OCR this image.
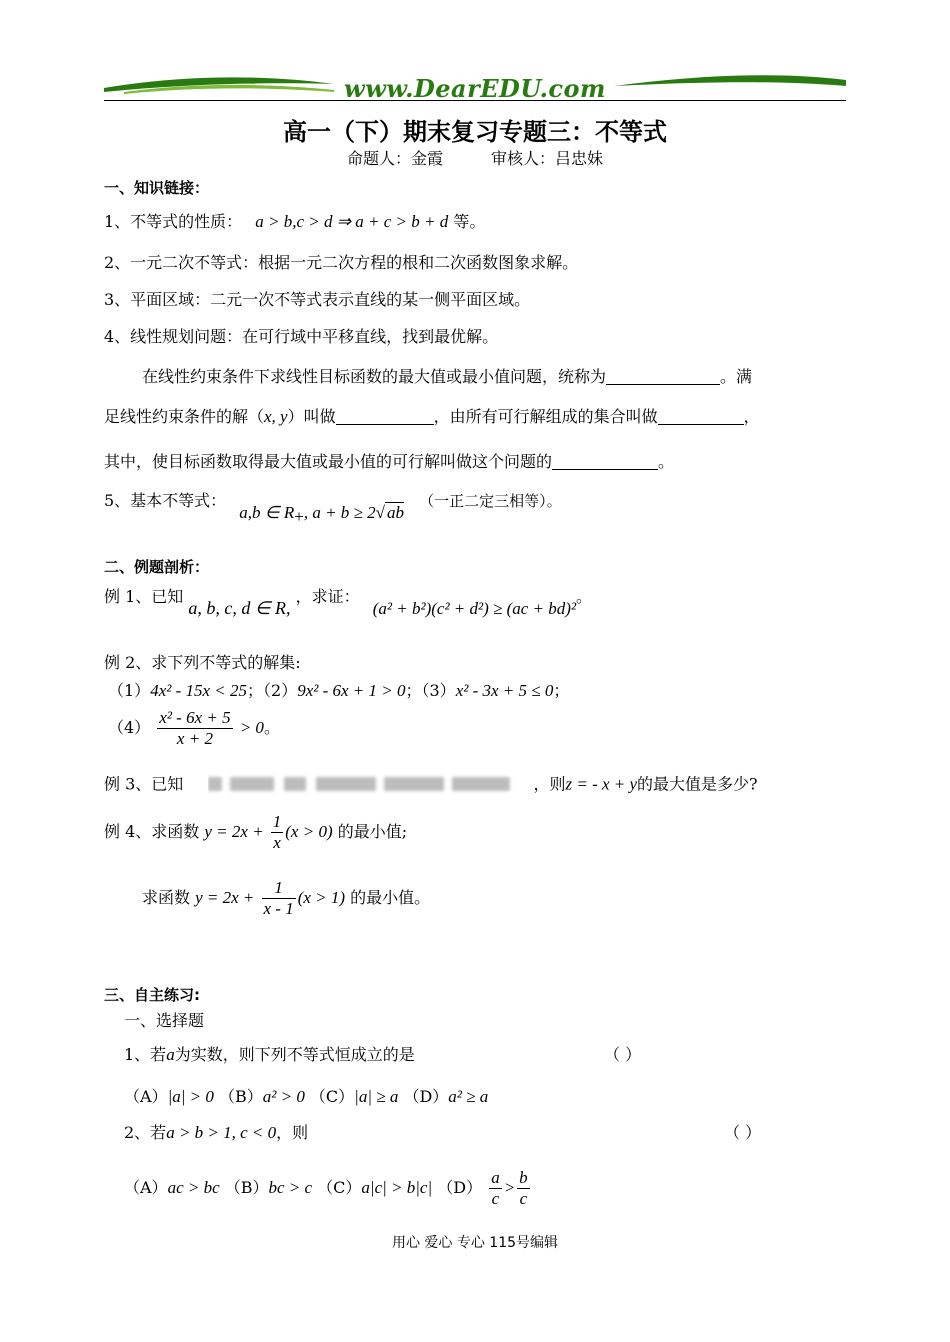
www.DearEDU.com
高一（下）期末复习专题三：不等式
命题人：金霞	审核人：吕忠妹
一、知识链接：
1、不等式的性质： a > b,c > d ⇒ a + c > b + d 等。
2、一元二次不等式：根据一元二次方程的根和二次函数图象求解。
3、平面区域：二元一次不等式表示直线的某一侧平面区域。
4、线性规划问题：在可行域中平移直线，找到最优解。
在线性约束条件下求线性目标函数的最大值或最小值问题，统称为	。满
足线性约束条件的解（x, y）叫做	，由所有可行解组成的集合叫做	，
其中，使目标函数取得最大值或最小值的可行解叫做这个问题的	。
5、基本不等式： a,b ∈ $R_+$, a + b ≥ 2√ ab （一正二定三相等）。
二、例题剖析：
例 1、已知 a, b, c, d ∈ R, ，求证： (a² + b²)(c² + d²) ≥ (ac + bd)²。
例 2、求下列不等式的解集:
（1）4x² - 15x < 25；（2）9x² - 6x + 1 > 0；（3）x² - 3x + 5 ≤ 0；
$(4) \frac{\text{x² - 6x + 5}}{x + 2} > 0$。
例 3、已知	，则z = - x + y的最大值是多少?
例 4、求函数 $y = 2x + \frac{1}{x} (x > 0)$ 的最小值;
求函数 $y = 2x + \frac{1}{x - 1} (x > 1)$ 的最小值。
三、自主练习:
一、选择题
1、若a为实数，则下列不等式恒成立的是	（ ）
（A）|a| > 0 （B）a² > 0 （C）|a| ≥ a （D）a² ≥ a
2、若a > b > 1, c < 0，则	（ ）
（A）ac > bc （B）bc > c （C）a|c| > b|c| $(D) \frac{a}{c} > \frac{b}{c}$
用心 爱心 专心 115号编辑
